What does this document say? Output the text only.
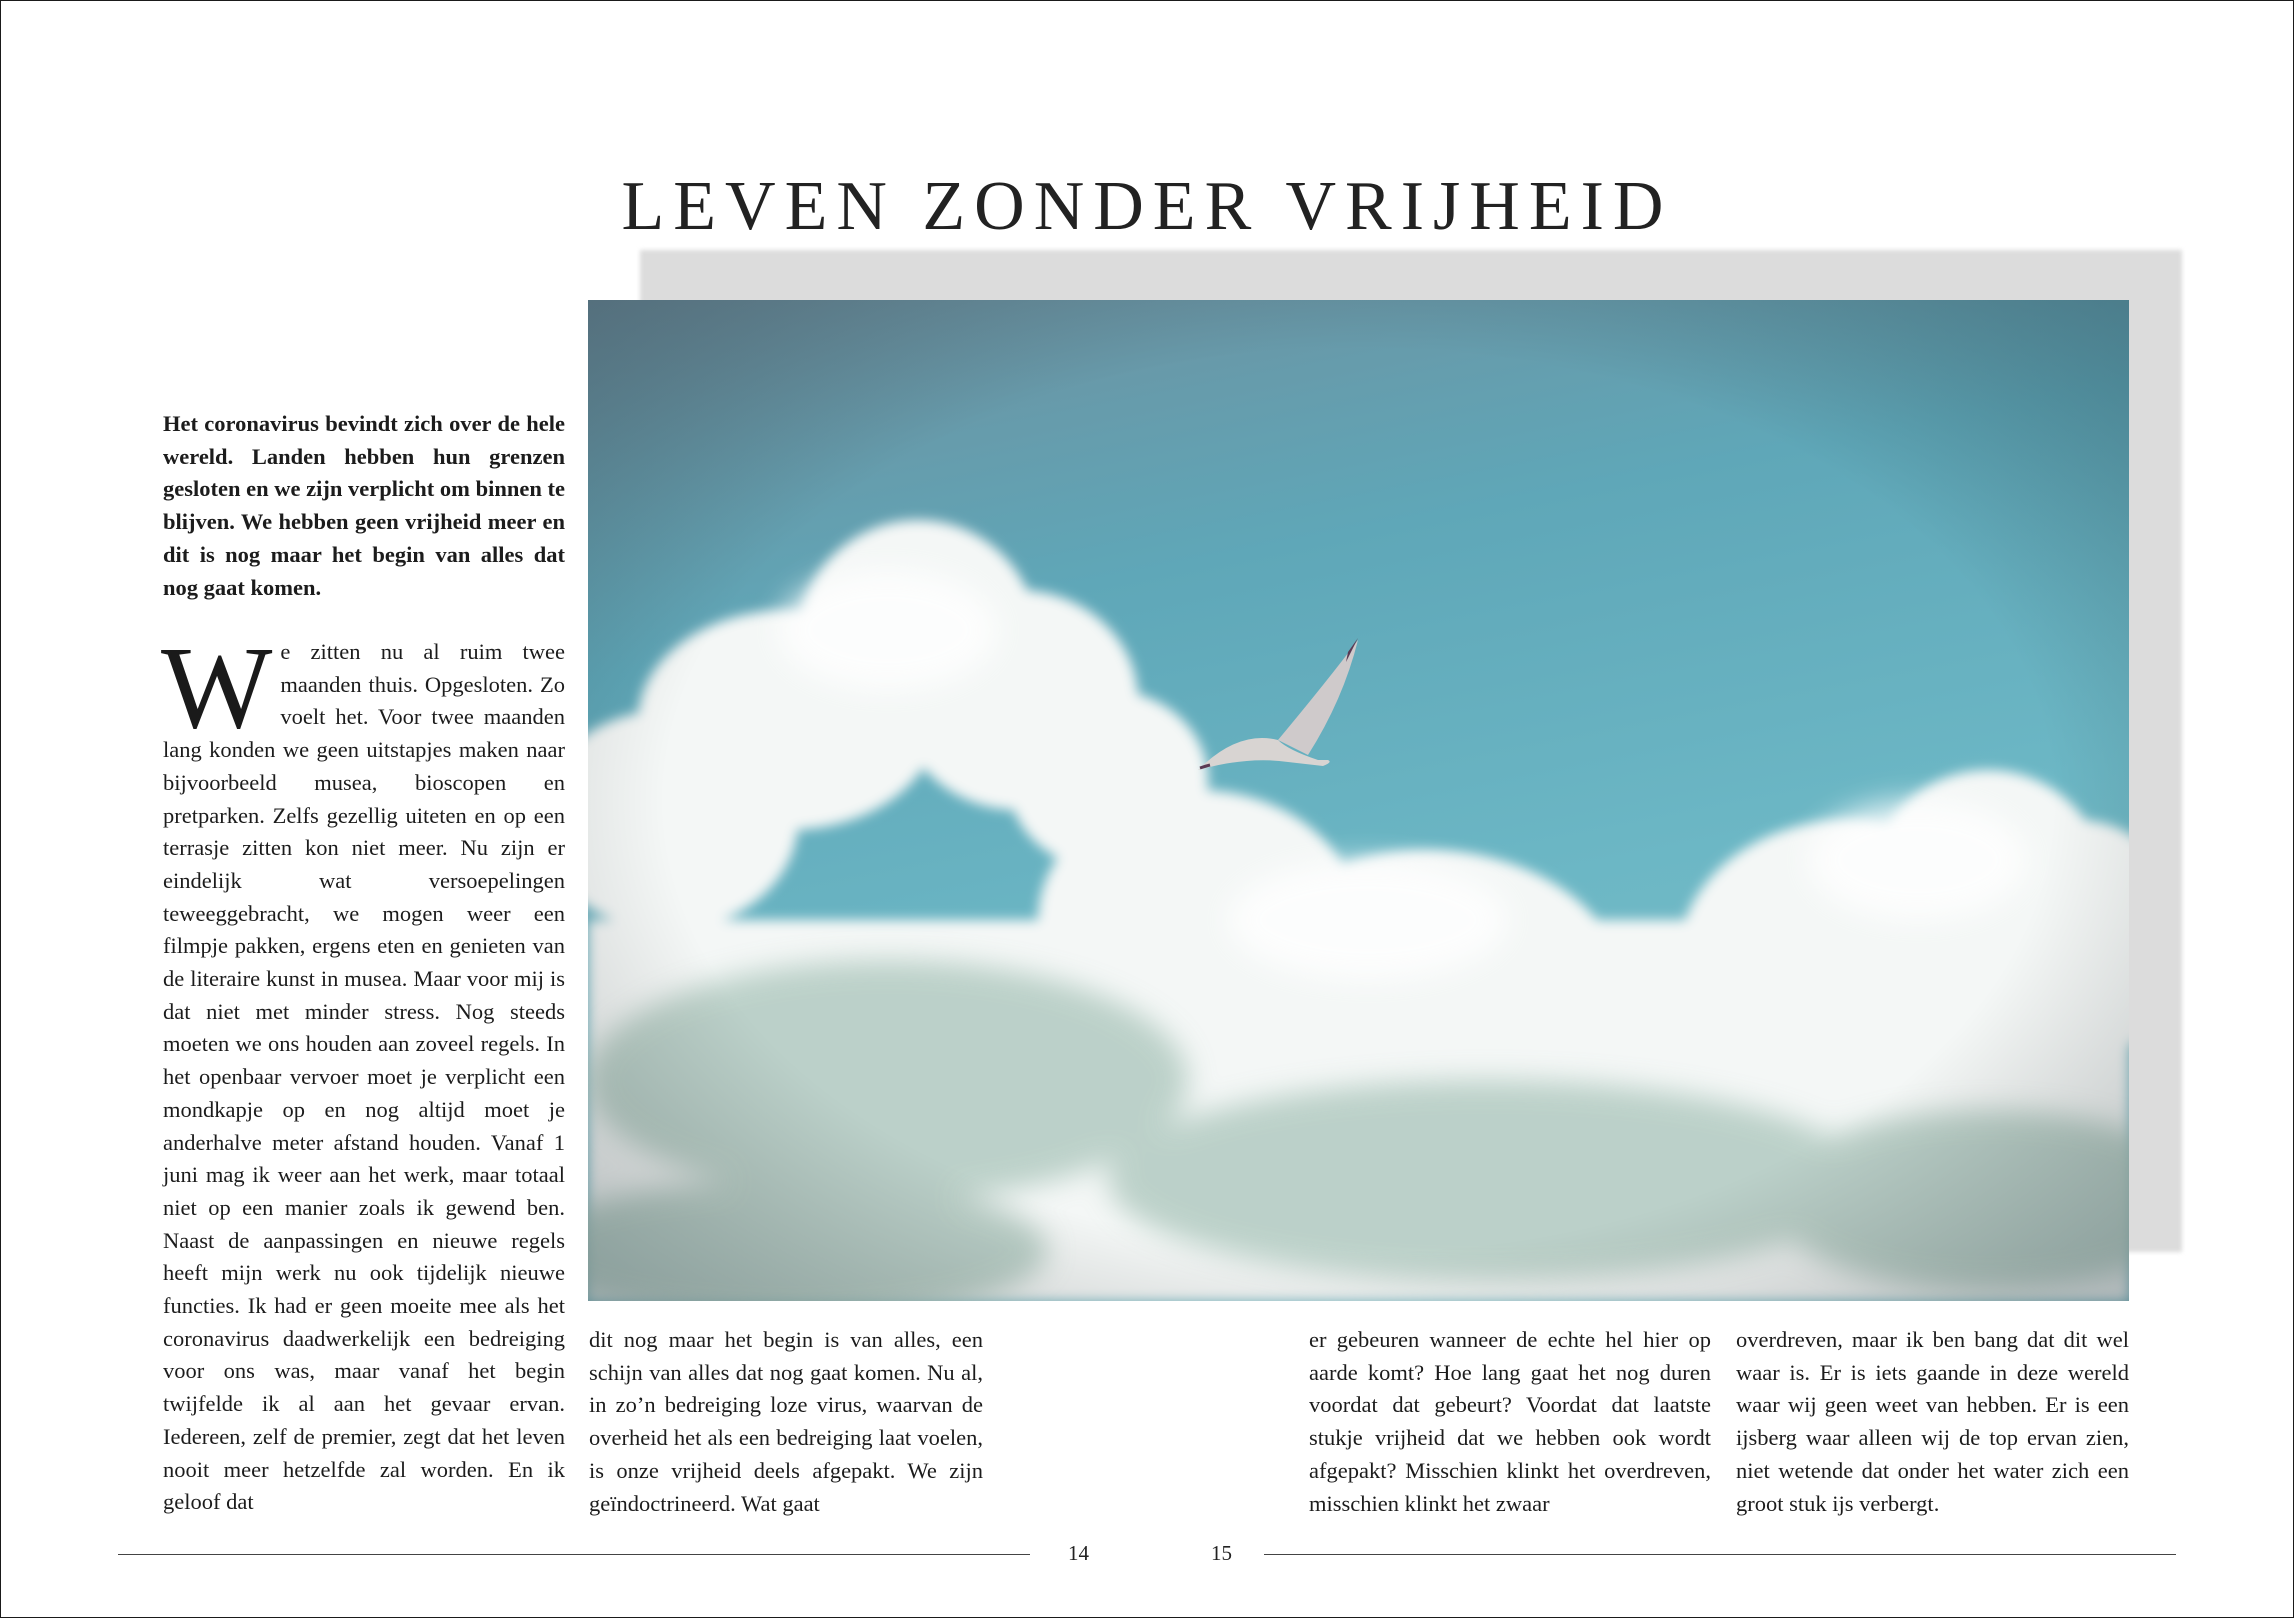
LEVEN ZONDER VRIJHEID

Het coronavirus bevindt zich over de hele wereld. Landen hebben hun grenzen gesloten en we zijn verplicht om binnen te blijven. We hebben geen vrijheid meer en dit is nog maar het begin van alles dat nog gaat komen.

W e zitten nu al ruim twee maanden thuis. Opgesloten. Zo voelt het. Voor twee maanden lang konden we geen uitstapjes maken naar bijvoorbeeld musea, bioscopen en pretparken. Zelfs gezellig uiteten en op een terrasje zitten kon niet meer. Nu zijn er eindelijk wat versoepelingen teweeggebracht, we mogen weer een filmpje pakken, ergens eten en genieten van de literaire kunst in musea. Maar voor mij is dat niet met minder stress. Nog steeds moeten we ons houden aan zoveel regels. In het openbaar vervoer moet je verplicht een mondkapje op en nog altijd moet je anderhalve meter afstand houden. Vanaf 1 juni mag ik weer aan het werk, maar totaal niet op een manier zoals ik gewend ben. Naast de aanpassingen en nieuwe regels heeft mijn werk nu ook tijdelijk nieuwe functies. Ik had er geen moeite mee als het coronavirus daadwerkelijk een bedreiging voor ons was, maar vanaf het begin twijfelde ik al aan het gevaar ervan. Iedereen, zelf de premier, zegt dat het leven nooit meer hetzelfde zal worden. En ik geloof dat

dit nog maar het begin is van alles, een schijn van alles dat nog gaat komen. Nu al, in zo’n bedreiging loze virus, waarvan de overheid het als een bedreiging laat voelen, is onze vrijheid deels afgepakt. We zijn geïndoctrineerd. Wat gaat

er gebeuren wanneer de echte hel hier op aarde komt? Hoe lang gaat het nog duren voordat dat gebeurt? Voordat dat laatste stukje vrijheid dat we hebben ook wordt afgepakt? Misschien klinkt het overdreven, misschien klinkt het zwaar

overdreven, maar ik ben bang dat dit wel waar is. Er is iets gaande in deze wereld waar wij geen weet van hebben. Er is een ijsberg waar alleen wij de top ervan zien, niet wetende dat onder het water zich een groot stuk ijs verbergt.

14	15
